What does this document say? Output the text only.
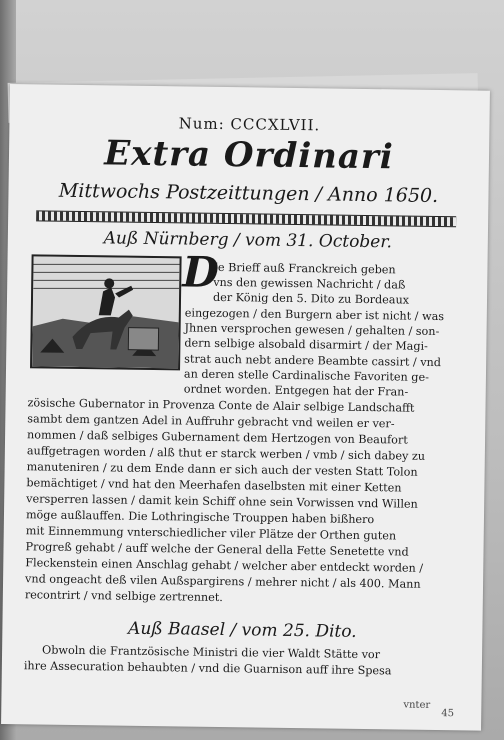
Num: CCCXLVII.
Extra Ordinari
Mittwochs Postzeittungen / Anno 1650.
Auß Nürnberg / vom 31. October.
D
Je Brieff auß Franckreich geben
vns den gewissen Nachricht / daß
der König den 5. Dito zu Bordeaux
eingezogen / den Burgern aber ist nicht / was
Jhnen versprochen gewesen / gehalten / son-
dern selbige alsobald disarmirt / der Magi-
strat auch nebt andere Beambte cassirt / vnd
an deren stelle Cardinalische Favoriten ge-
ordnet worden. Entgegen hat der Fran-
zösische Gubernator in Provenza Conte de Alair selbige Landschafft
sambt dem gantzen Adel in Auffruhr gebracht vnd weilen er ver-
nommen / daß selbiges Gubernament dem Hertzogen von Beaufort
auffgetragen worden / alß thut er starck werben / vmb / sich dabey zu
manuteniren / zu dem Ende dann er sich auch der vesten Statt Tolon
bemächtiget / vnd hat den Meerhafen daselbsten mit einer Ketten
versperren lassen / damit kein Schiff ohne sein Vorwissen vnd Willen
möge außlauffen. Die Lothringische Trouppen haben bißhero
mit Einnemmung vnterschiedlicher viler Plätze der Orthen guten
Progreß gehabt / auff welche der General della Fette Senetette vnd
Fleckenstein einen Anschlag gehabt / welcher aber entdeckt worden /
vnd ongeacht deß vilen Außspargirens / mehrer nicht / als 400. Mann
recontrirt / vnd selbige zertrennet.
Auß Baasel / vom 25. Dito.
Obwoln die Frantzösische Ministri die vier Waldt Stätte vor
ihre Assecuration behaubten / vnd die Guarnison auff ihre Spesa
vnter
45
